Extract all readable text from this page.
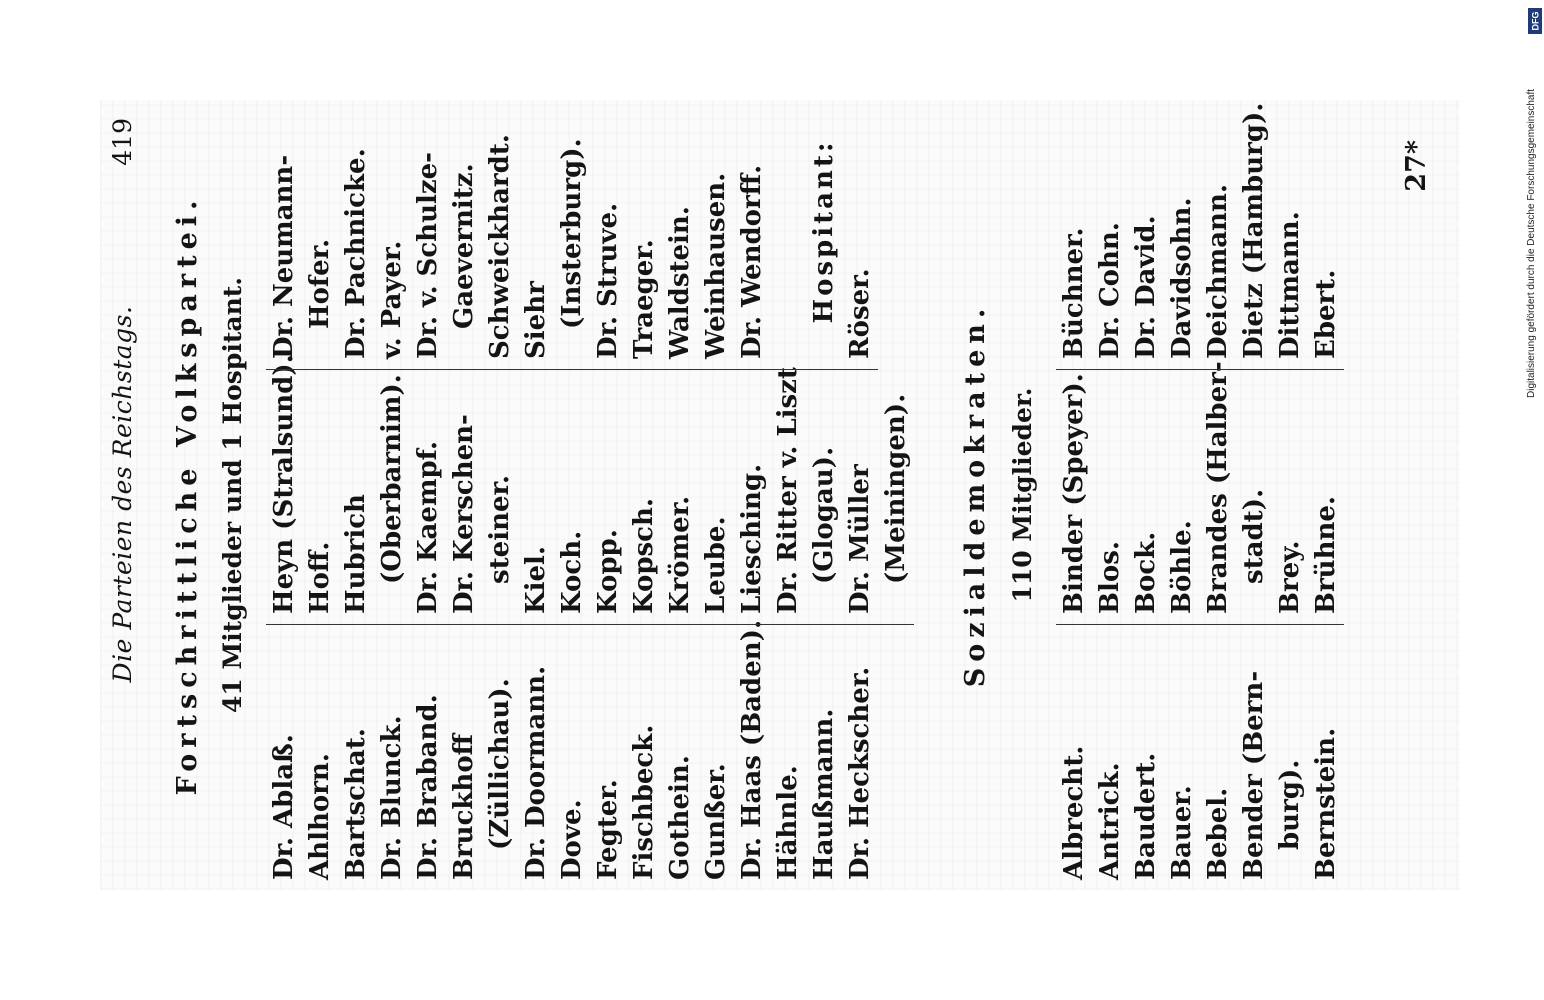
Die Parteien des Reichstags.
419
Fortschrittliche Volkspartei. 41 Mitglieder und 1 Hospitant.
Dr. Ablaß. Ahlhorn. Bartschat. Dr. Blunck. Dr. Braband. Bruckhoff (Züllichau). Dr. Doormann. Dove. Fegter. Fischbeck. Gothein. Gunßer. Dr. Haas (Baden). Hähnle. Haußmann. Dr. Heckscher.
Heyn (Stralsund). Hoff. Hubrich (Oberbarnim). Dr. Kaempf. Dr. Kerschen- steiner. Kiel. Koch. Kopp. Kopsch. Krömer. Leube. Liesching. Dr. Ritter v. Liszt (Glogau). Dr. Müller (Meiningen).
Dr. Neumann- Hofer. Dr. Pachnicke. v. Payer. Dr. v. Schulze- Gaevernitz. Schweickhardt. Siehr (Insterburg). Dr. Struve. Traeger. Waldstein. Weinhausen. Dr. Wendorff. Hospitant: Röser.	Sozialdemokraten. 110 Mitglieder.
Albrecht. Antrick. Baudert. Bauer. Bebel. Bender (Bern- burg). Bernstein.
Binder (Speyer). Blos. Bock. Böhle. Brandes (Halber- stadt). Brey. Brühne.
Büchner. Dr. Cohn. Dr. David. Davidsohn. Deichmann. Dietz (Hamburg). Dittmann. Ebert.
27*
DFG
Digitalisierung gefördert durch die Deutsche Forschungsgemeinschaft
